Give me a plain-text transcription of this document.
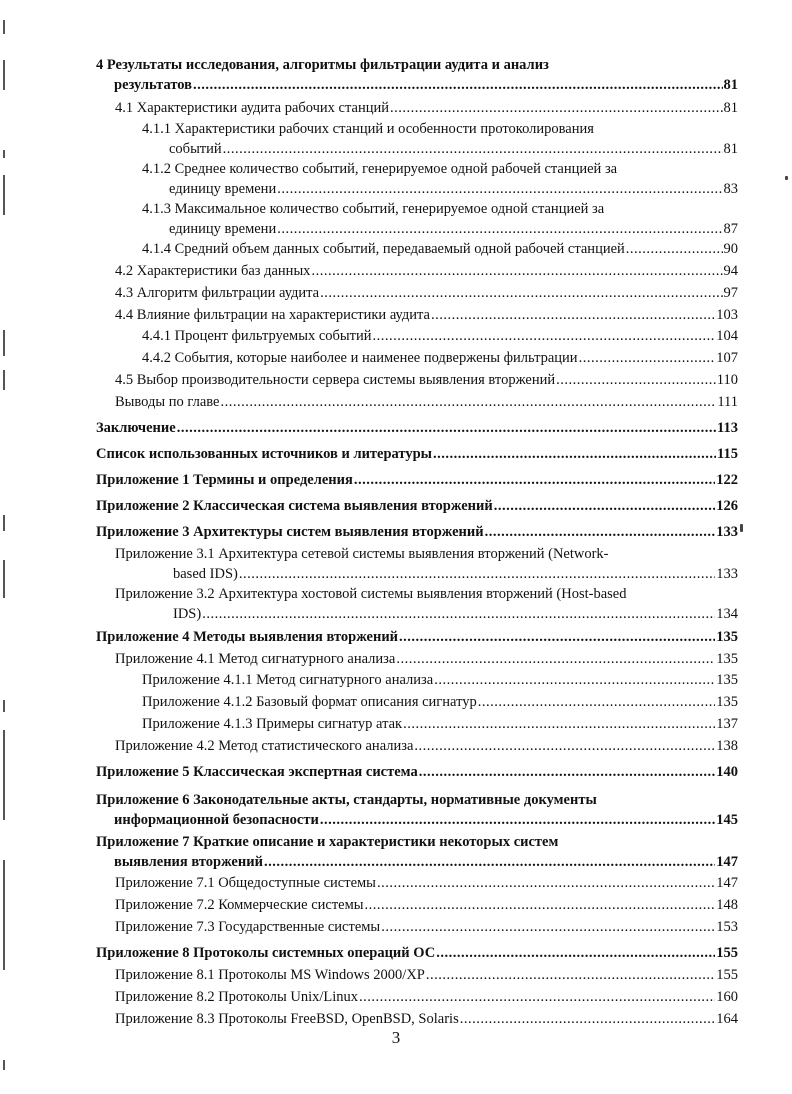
4 Результаты исследования, алгоритмы фильтрации аудита и анализ
результатов .....	81
4.1 Характеристики аудита рабочих станций .....	81
4.1.1 Характеристики рабочих станций и особенности протоколирования
событий .....	81
4.1.2 Среднее количество событий, генерируемое одной рабочей станцией за
единицу времени .....	83
4.1.3 Максимальное количество событий, генерируемое одной станцией за
единицу времени .....	87
4.1.4 Средний объем данных событий, передаваемый одной рабочей станцией .....	90
4.2 Характеристики баз данных .....	94
4.3 Алгоритм фильтрации аудита .....	97
4.4 Влияние фильтрации на характеристики аудита .....	103
4.4.1 Процент фильтруемых событий .....	104
4.4.2 События, которые наиболее и наименее подвержены фильтрации .....	107
4.5 Выбор производительности сервера системы выявления вторжений .....	110
Выводы по главе .....	111
Заключение .....	113
Список использованных источников и литературы .....	115
Приложение 1 Термины и определения .....	122
Приложение 2 Классическая система выявления вторжений .....	126
Приложение 3 Архитектуры систем выявления вторжений .....	133
Приложение 3.1 Архитектура сетевой системы выявления вторжений (Network-
based IDS) .....	133
Приложение 3.2 Архитектура хостовой системы выявления вторжений (Host-based
IDS) .....	134
Приложение 4 Методы выявления вторжений .....	135
Приложение 4.1 Метод сигнатурного анализа .....	135
Приложение 4.1.1 Метод сигнатурного анализа .....	135
Приложение 4.1.2 Базовый формат описания сигнатур .....	135
Приложение 4.1.3 Примеры сигнатур атак .....	137
Приложение 4.2 Метод статистического анализа .....	138
Приложение 5 Классическая экспертная система .....	140
Приложение 6 Законодательные акты, стандарты, нормативные документы
информационной безопасности .....	145
Приложение 7 Краткие описание и характеристики некоторых систем
выявления вторжений .....	147
Приложение 7.1 Общедоступные системы .....	147
Приложение 7.2 Коммерческие системы .....	148
Приложение 7.3 Государственные системы .....	153
Приложение 8 Протоколы системных операций ОС .....	155
Приложение 8.1 Протоколы MS Windows 2000/XP .....	155
Приложение 8.2 Протоколы Unix/Linux .....	160
Приложение 8.3 Протоколы FreeBSD, OpenBSD, Solaris .....	164
3
